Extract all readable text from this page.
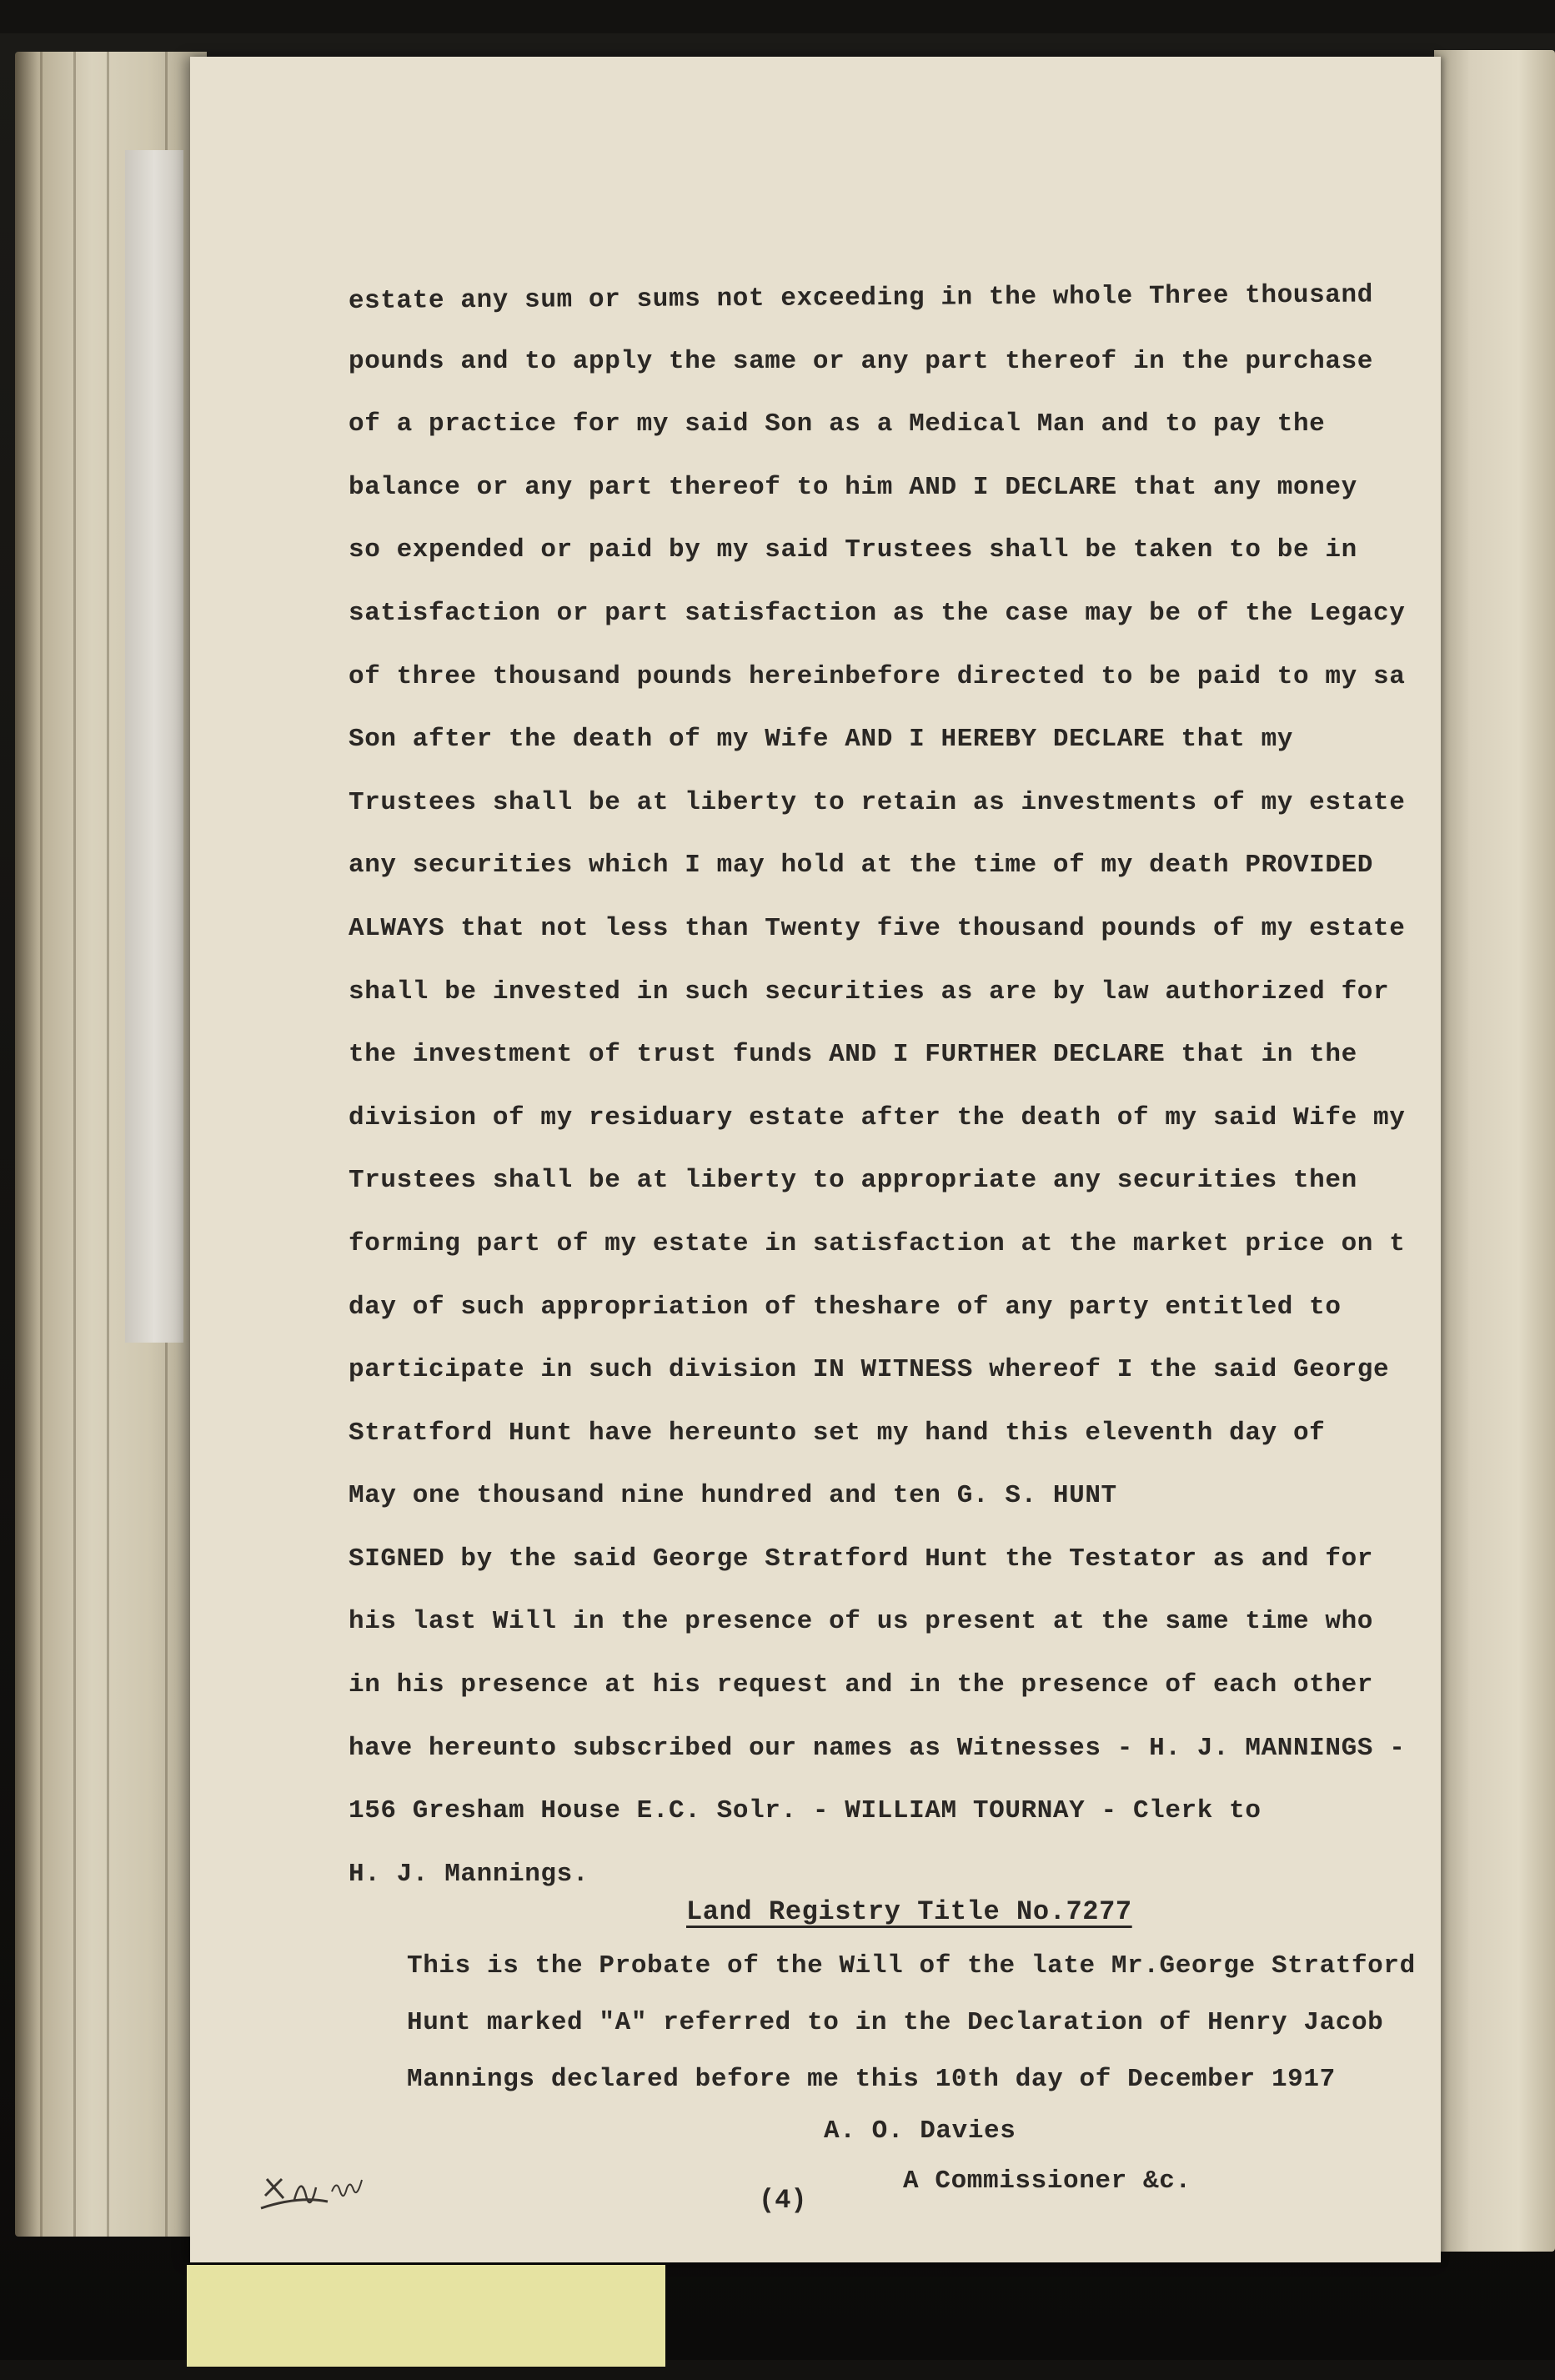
estate any sum or sums not exceeding in the whole Three thousand
pounds and to apply the same or any part thereof in the purchase
of a practice for my said Son as a Medical Man and to pay the
balance or any part thereof to him AND I DECLARE that any money
so expended or paid by my said Trustees shall be taken to be in
satisfaction or part satisfaction as the case may be of the Legacy
of three thousand pounds hereinbefore directed to be paid to my sa
Son after the death of my Wife AND I HEREBY DECLARE that my
Trustees shall be at liberty to retain as investments of my estate
any securities which I may hold at the time of my death PROVIDED
ALWAYS that not less than Twenty five thousand pounds of my estate
shall be invested in such securities as are by law authorized for
the investment of trust funds AND I FURTHER DECLARE that in the
division of my residuary estate after the death of my said Wife my
Trustees shall be at liberty to appropriate any securities then
forming part of my estate in satisfaction at the market price on t
day of such appropriation of theshare of any party entitled to
participate in such division IN WITNESS whereof I the said George
Stratford Hunt have hereunto set my hand this eleventh day of
May one thousand nine hundred and ten G. S. HUNT
SIGNED by the said George Stratford Hunt the Testator as and for
his last Will in the presence of us present at the same time who
in his presence at his request and in the presence of each other
have hereunto subscribed our names as Witnesses - H. J. MANNINGS -
156 Gresham House E.C. Solr. - WILLIAM TOURNAY - Clerk to
H. J. Mannings.
Land Registry Title No.7277
This is the Probate of the Will of the late Mr.George Stratford
Hunt marked "A" referred to in the Declaration of Henry Jacob
Mannings declared before me this 10th day of December 1917
A. O. Davies
A Commissioner &c.
(4)
